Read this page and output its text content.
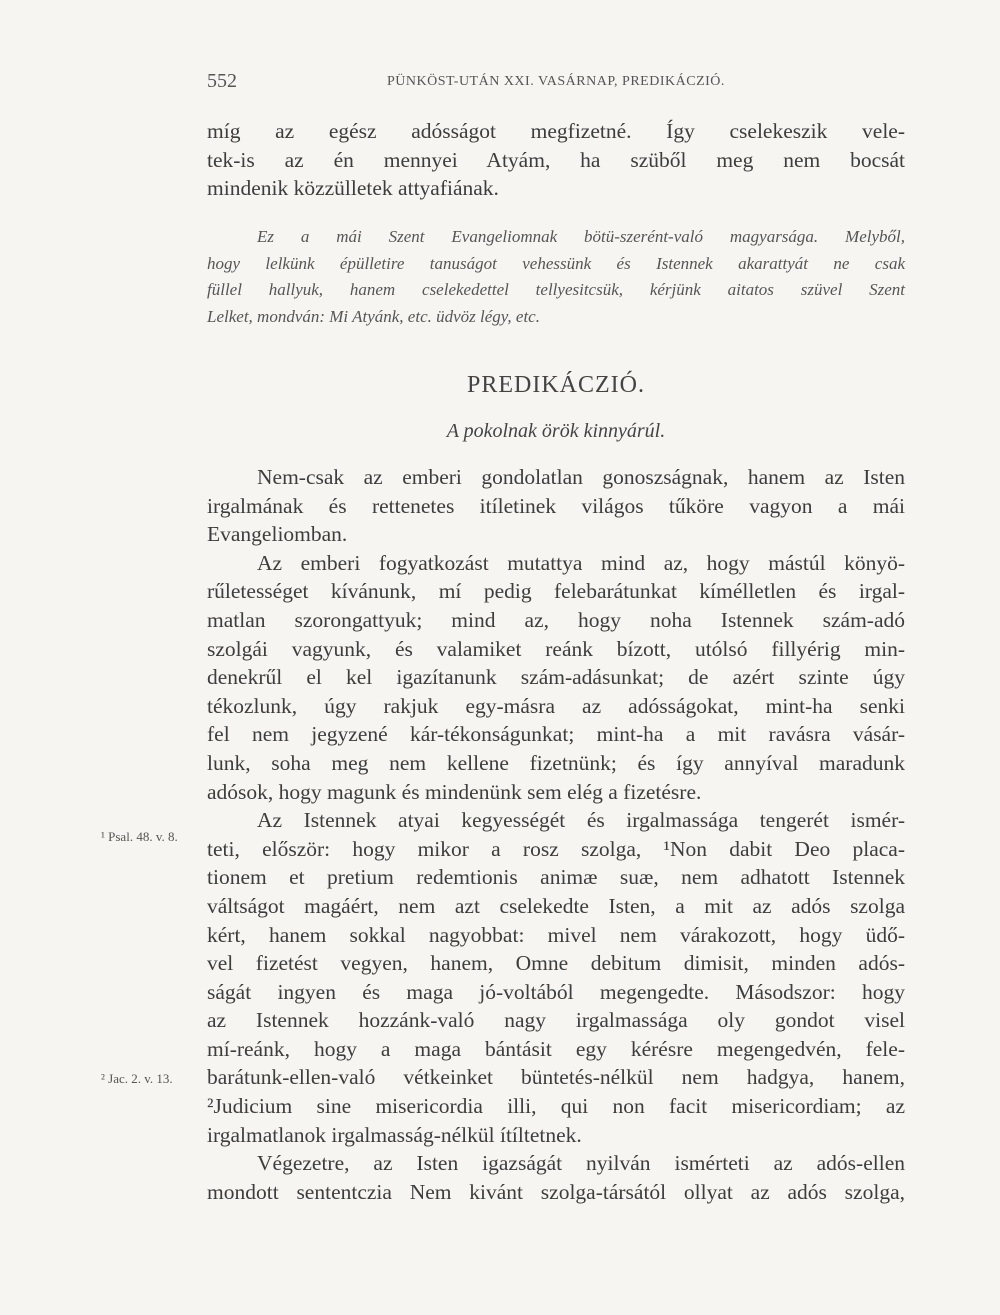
552	PÜNKÖST-UTÁN XXI. VASÁRNAP, PREDIKÁCZIÓ.
míg az egész adósságot megfizetné. Így cselekeszik vele-
tek-is az én mennyei Atyám, ha szüből meg nem bocsát
mindenik közzülletek attyafiának.
Ez a mái Szent Evangeliomnak bötü-szerént-való magyarsága. Melyből,
hogy lelkünk épülletire tanuságot vehessünk és Istennek akarattyát ne csak
füllel hallyuk, hanem cselekedettel tellyesitcsük, kérjünk aitatos szüvel Szent
Lelket, mondván: Mi Atyánk, etc. üdvöz légy, etc.
PREDIKÁCZIÓ.
A pokolnak örök kinnyárúl.
Nem-csak az emberi gondolatlan gonoszságnak, hanem az Isten
irgalmának és rettenetes itíletinek világos tűköre vagyon a mái
Evangeliomban.
Az emberi fogyatkozást mutattya mind az, hogy mástúl könyö-
rűletességet kívánunk, mí pedig felebarátunkat kímélletlen és irgal-
matlan szorongattyuk; mind az, hogy noha Istennek szám-adó
szolgái vagyunk, és valamiket reánk bízott, utólsó fillyérig min-
denekrűl el kel igazítanunk szám-adásunkat; de azért szinte úgy
tékozlunk, úgy rakjuk egy-másra az adósságokat, mint-ha senki
fel nem jegyzené kár-tékonságunkat; mint-ha a mit ravásra vásár-
lunk, soha meg nem kellene fizetnünk; és így annyíval maradunk
adósok, hogy magunk és mindenünk sem elég a fizetésre.
Az Istennek atyai kegyességét és irgalmassága tengerét ismér-
teti, először: hogy mikor a rosz szolga, ¹Non dabit Deo placa-
tionem et pretium redemtionis animæ suæ, nem adhatott Istennek
váltságot magáért, nem azt cselekedte Isten, a mit az adós szolga
kért, hanem sokkal nagyobbat: mivel nem várakozott, hogy üdő-
vel fizetést vegyen, hanem, Omne debitum dimisit, minden adós-
ságát ingyen és maga jó-voltából megengedte. Másodszor: hogy
az Istennek hozzánk-való nagy irgalmassága oly gondot visel
mí-reánk, hogy a maga bántásit egy kérésre megengedvén, fele-
barátunk-ellen-való vétkeinket büntetés-nélkül nem hadgya, hanem,
²Judicium sine misericordia illi, qui non facit misericordiam; az
irgalmatlanok irgalmasság-nélkül ítíltetnek.
Végezetre, az Isten igazságát nyilván ismérteti az adós-ellen
mondott sententczia Nem kivánt szolga-társától ollyat az adós szolga,
¹ Psal. 48. v. 8.
² Jac. 2. v. 13.
